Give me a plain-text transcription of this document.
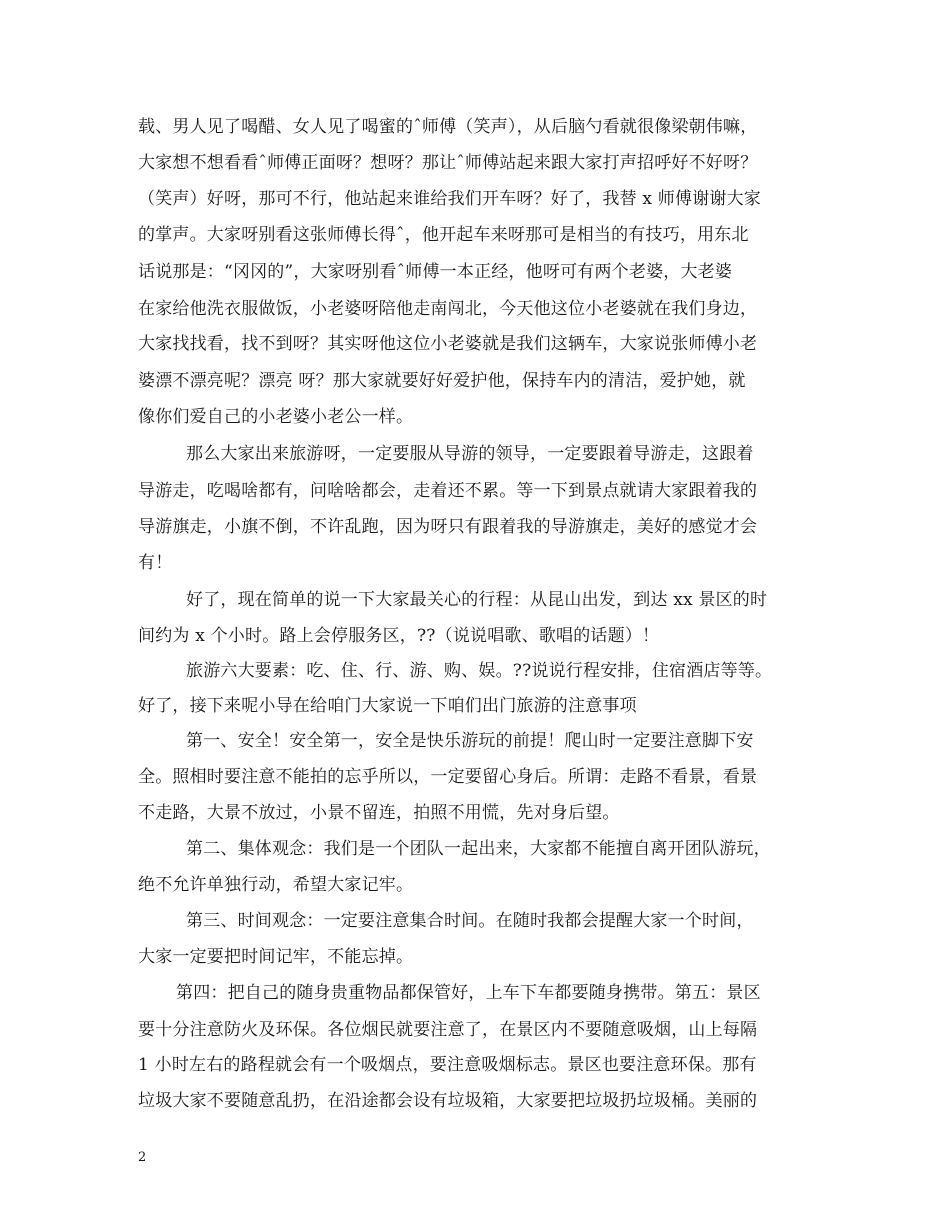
载、男人见了喝醋、女人见了喝蜜的ˆ师傅（笑声），从后脑勺看就很像梁朝伟嘛，
大家想不想看看ˆ师傅正面呀？想呀？那让ˆ师傅站起来跟大家打声招呼好不好呀？
（笑声）好呀，那可不行，他站起来谁给我们开车呀？好了，我替 x 师傅谢谢大家
的掌声。大家呀别看这张师傅长得ˆ，他开起车来呀那可是相当的有技巧，用东北
话说那是：“冈冈的”，大家呀别看ˆ师傅一本正经，他呀可有两个老婆，大老婆
在家给他洗衣服做饭，小老婆呀陪他走南闯北，今天他这位小老婆就在我们身边，
大家找找看，找不到呀？其实呀他这位小老婆就是我们这辆车，大家说张师傅小老
婆漂不漂亮呢？漂亮 呀？那大家就要好好爱护他，保持车内的清洁，爱护她，就
像你们爱自己的小老婆小老公一样。
那么大家出来旅游呀，一定要服从导游的领导，一定要跟着导游走，这跟着
导游走，吃喝啥都有，问啥啥都会，走着还不累。等一下到景点就请大家跟着我的
导游旗走，小旗不倒，不许乱跑，因为呀只有跟着我的导游旗走，美好的感觉才会
有！
好了，现在简单的说一下大家最关心的行程：从昆山出发，到达 xx 景区的时
间约为 x 个小时。路上会停服务区，??（说说唱歌、歌唱的话题）！
旅游六大要素：吃、住、行、游、购、娱。??说说行程安排，住宿酒店等等。
好了，接下来呢小导在给咱门大家说一下咱们出门旅游的注意事项
第一、安全！安全第一，安全是快乐游玩的前提！爬山时一定要注意脚下安
全。照相时要注意不能拍的忘乎所以，一定要留心身后。所谓：走路不看景，看景
不走路，大景不放过，小景不留连，拍照不用慌，先对身后望。
第二、集体观念：我们是一个团队一起出来，大家都不能擅自离开团队游玩，
绝不允许单独行动，希望大家记牢。
第三、时间观念：一定要注意集合时间。在随时我都会提醒大家一个时间，
大家一定要把时间记牢，不能忘掉。
第四：把自己的随身贵重物品都保管好，上车下车都要随身携带。第五：景区
要十分注意防火及环保。各位烟民就要注意了，在景区内不要随意吸烟，山上每隔
1 小时左右的路程就会有一个吸烟点，要注意吸烟标志。景区也要注意环保。那有
垃圾大家不要随意乱扔，在沿途都会设有垃圾箱，大家要把垃圾扔垃圾桶。美丽的
2
